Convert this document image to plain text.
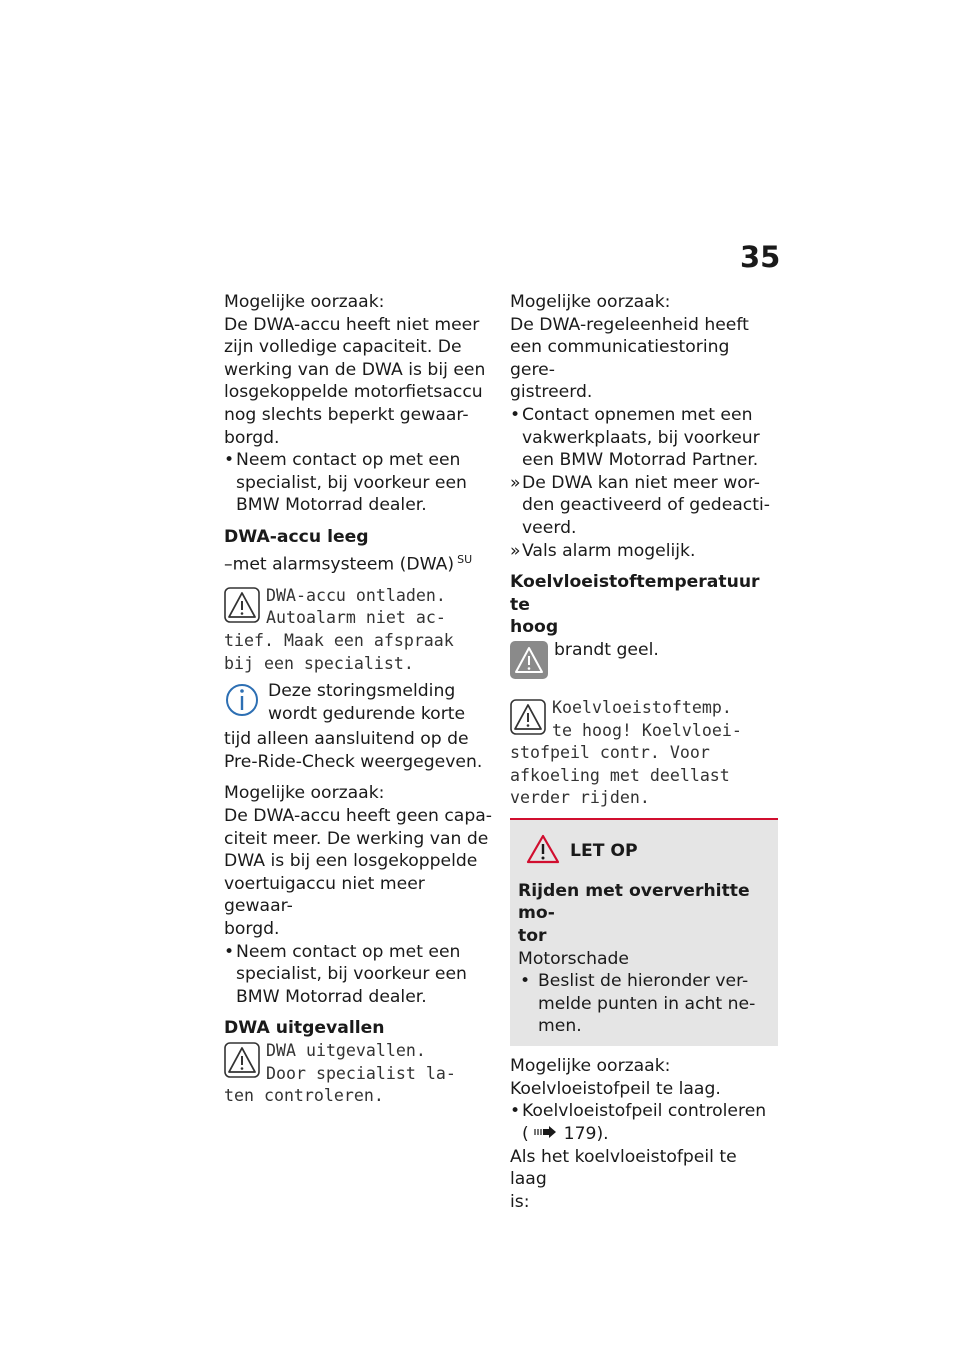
35

Mogelijke oorzaak:

De DWA-accu heeft niet meer

zijn volledige capaciteit. De

werking van de DWA is bij een

losgekoppelde motorfietsaccu

nog slechts beperkt gewaar-

borgd.

• Neem contact op met een
specialist, bij voorkeur een
BMW Motorrad dealer.

DWA-accu leeg

–met alarmsysteem (DWA) $^{SU}$

DWA-accu ontladen.

Autoalarm niet ac-

tief. Maak een afspraak

bij een specialist.

Deze storingsmelding

wordt gedurende korte

tijd alleen aansluitend op de

Pre-Ride-Check weergegeven.

Mogelijke oorzaak:

De DWA-accu heeft geen capa-

citeit meer. De werking van de

DWA is bij een losgekoppelde

voertuigaccu niet meer gewaar-

borgd.

• Neem contact op met een
specialist, bij voorkeur een
BMW Motorrad dealer.

DWA uitgevallen

DWA uitgevallen.

Door specialist la-

ten controleren.

Mogelijke oorzaak:

De DWA-regeleenheid heeft

een communicatiestoring gere-

gistreerd.

• Contact opnemen met een
vakwerkplaats, bij voorkeur
een BMW Motorrad Partner.
» De DWA kan niet meer wor-
den geactiveerd of gedeacti-
veerd.
» Vals alarm mogelijk.

Koelvloeistoftemperatuur te

hoog

brandt geel.

Koelvloeistoftemp.

te hoog! Koelvloei-

stofpeil contr. Voor

afkoeling met deellast

verder rijden.

LET OP

Rijden met oververhitte mo-

tor

Motorschade

• Beslist de hieronder ver-
melde punten in acht ne-
men.

Mogelijke oorzaak:

Koelvloeistofpeil te laag.

• Koelvloeistofpeil controleren
( 179).

Als het koelvloeistofpeil te laag

is:
